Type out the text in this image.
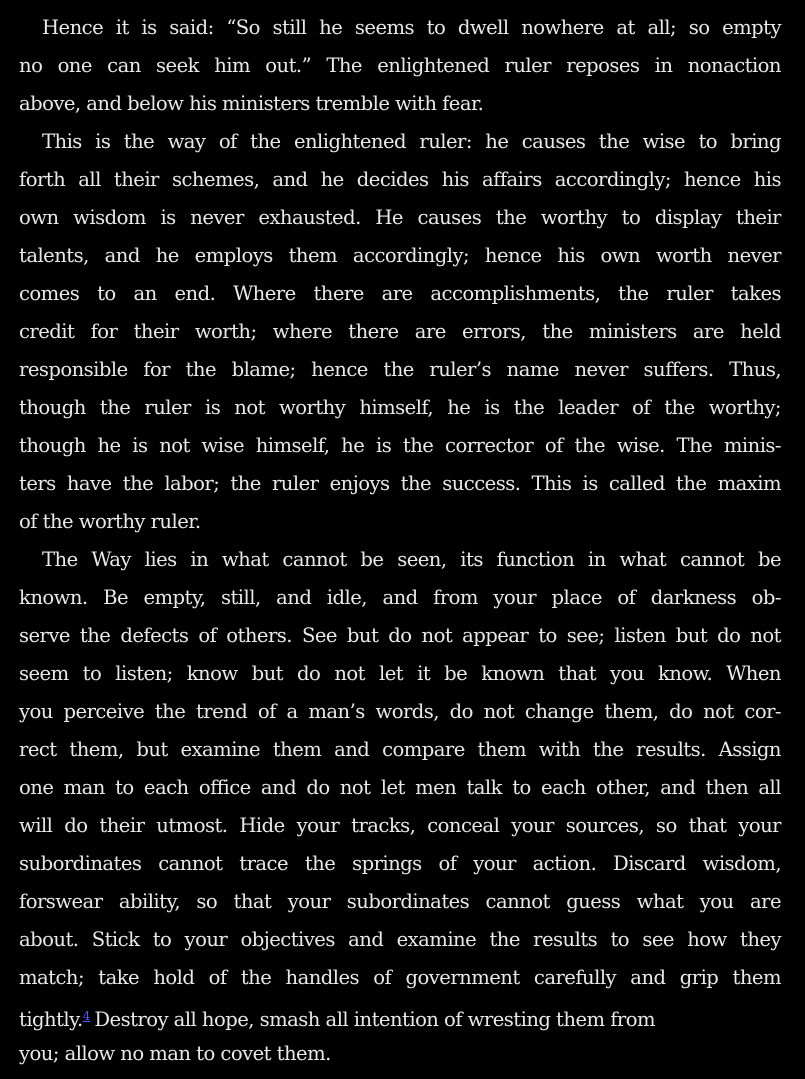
Hence it is said: “So still he seems to dwell nowhere at all; so empty

no one can seek him out.” The enlightened ruler reposes in nonaction

above, and below his ministers tremble with fear.

This is the way of the enlightened ruler: he causes the wise to bring

forth all their schemes, and he decides his affairs accordingly; hence his

own wisdom is never exhausted. He causes the worthy to display their

talents, and he employs them accordingly; hence his own worth never

comes to an end. Where there are accomplishments, the ruler takes

credit for their worth; where there are errors, the ministers are held

responsible for the blame; hence the ruler’s name never suffers. Thus,

though the ruler is not worthy himself, he is the leader of the worthy;

though he is not wise himself, he is the corrector of the wise. The minis-

ters have the labor; the ruler enjoys the success. This is called the maxim

of the worthy ruler.

The Way lies in what cannot be seen, its function in what cannot be

known. Be empty, still, and idle, and from your place of darkness ob-

serve the defects of others. See but do not appear to see; listen but do not

seem to listen; know but do not let it be known that you know. When

you perceive the trend of a man’s words, do not change them, do not cor-

rect them, but examine them and compare them with the results. Assign

one man to each office and do not let men talk to each other, and then all

will do their utmost. Hide your tracks, conceal your sources, so that your

subordinates cannot trace the springs of your action. Discard wisdom,

forswear ability, so that your subordinates cannot guess what you are

about. Stick to your objectives and examine the results to see how they

match; take hold of the handles of government carefully and grip them

tightly.$^4$ Destroy all hope, smash all intention of wresting them from

you; allow no man to covet them.
